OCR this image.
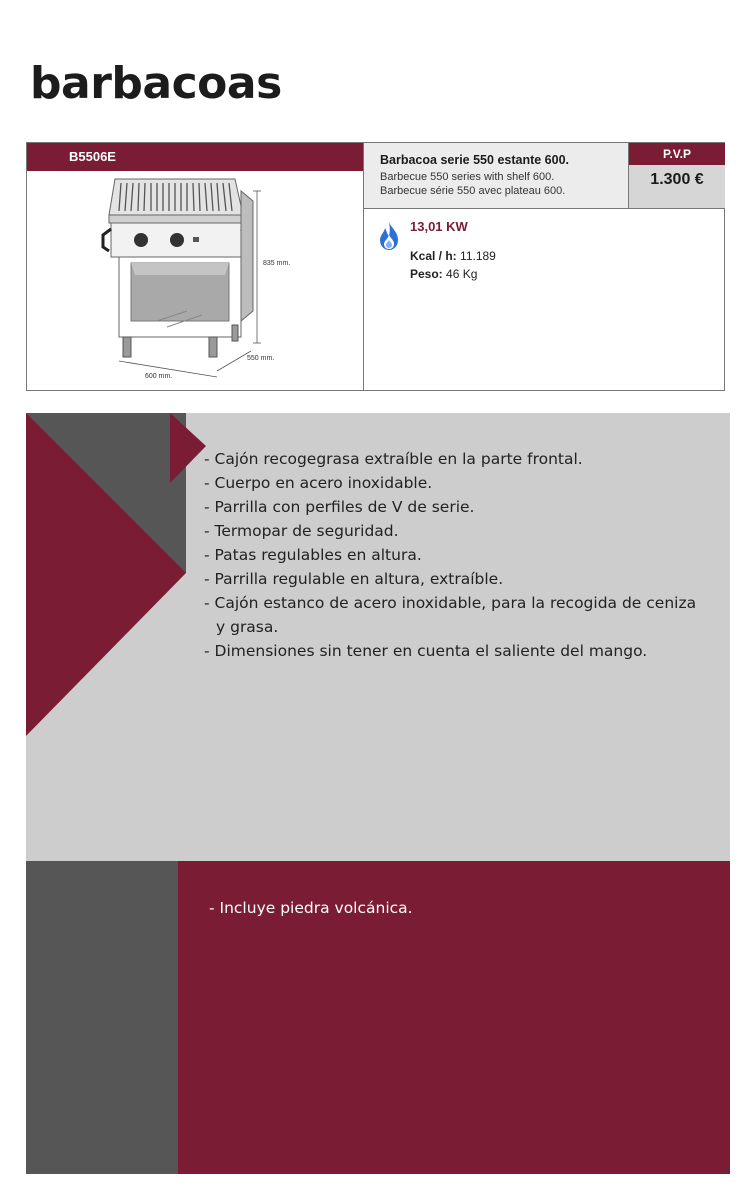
barbacoas
B5506E
835 mm.
550 mm.
600 mm.
Barbacoa serie 550 estante 600.
Barbecue 550 series with shelf 600.
Barbecue série 550 avec plateau 600.
P.V.P
1.300 €
13,01 KW
Kcal / h: 11.189
Peso: 46 Kg
- Cajón recogegrasa extraíble en la parte frontal.
- Cuerpo en acero inoxidable.
- Parrilla con perfiles de V de serie.
- Termopar de seguridad.
- Patas regulables en altura.
- Parrilla regulable en altura, extraíble.
- Cajón estanco de acero inoxidable, para la recogida de ceniza y grasa.
- Dimensiones sin tener en cuenta el saliente del mango.
- Incluye piedra volcánica.
